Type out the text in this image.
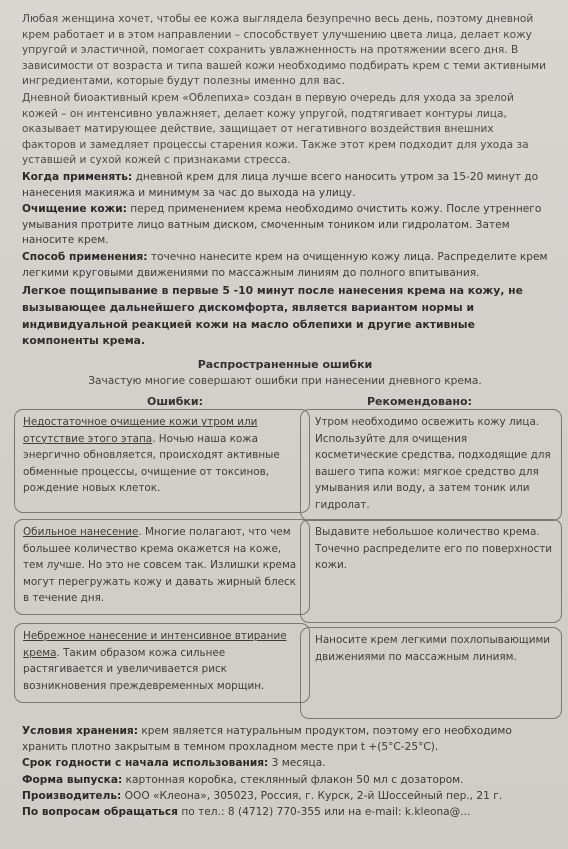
Любая женщина хочет, чтобы ее кожа выглядела безупречно весь день, поэтому дневной крем работает и в этом направлении – способствует улучшению цвета лица, делает кожу упругой и эластичной, помогает сохранить увлажненность на протяжении всего дня. В зависимости от возраста и типа вашей кожи необходимо подбирать крем с теми активными ингредиентами, которые будут полезны именно для вас.

Дневной биоактивный крем «Облепиха» создан в первую очередь для ухода за зрелой кожей – он интенсивно увлажняет, делает кожу упругой, подтягивает контуры лица, оказывает матирующее действие, защищает от негативного воздействия внешних факторов и замедляет процессы старения кожи. Также этот крем подходит для ухода за уставшей и сухой кожей с признаками стресса.

Когда применять: дневной крем для лица лучше всего наносить утром за 15-20 минут до нанесения макияжа и минимум за час до выхода на улицу.

Очищение кожи: перед применением крема необходимо очистить кожу. После утреннего умывания протрите лицо ватным диском, смоченным тоником или гидролатом. Затем наносите крем.

Способ применения: точечно нанесите крем на очищенную кожу лица. Распределите крем легкими круговыми движениями по массажным линиям до полного впитывания.

Легкое пощипывание в первые 5 -10 минут после нанесения крема на кожу, не вызывающее дальнейшего дискомфорта, является вариантом нормы и индивидуальной реакцией кожи на масло облепихи и другие активные компоненты крема.

Распространенные ошибки
Зачастую многие совершают ошибки при нанесении дневного крема.
Ошибки:	Рекомендовано:

Недостаточное очищение кожи утром или отсутствие этого этапа. Ночью наша кожа энергично обновляется, происходят активные обменные процессы, очищение от токсинов, рождение новых клеток.

Утром необходимо освежить кожу лица. Используйте для очищения косметические средства, подходящие для вашего типа кожи: мягкое средство для умывания или воду, а затем тоник или гидролат.

Обильное нанесение. Многие полагают, что чем большее количество крема окажется на коже, тем лучше. Но это не совсем так. Излишки крема могут перегружать кожу и давать жирный блеск в течение дня.

Выдавите небольшое количество крема. Точечно распределите его по поверхности кожи.

Небрежное нанесение и интенсивное втирание крема. Таким образом кожа сильнее растягивается и увеличивается риск возникновения преждевременных морщин.

Наносите крем легкими похлопывающими движениями по массажным линиям.

Условия хранения: крем является натуральным продуктом, поэтому его необходимо хранить плотно закрытым в темном прохладном месте при t +(5°C-25°C).

Срок годности с начала использования: 3 месяца.

Форма выпуска: картонная коробка, стеклянный флакон 50 мл с дозатором.

Производитель: ООО «Клеона», 305023, Россия, г. Курск, 2-й Шоссейный пер., 21 г.

По вопросам обращаться по тел.: 8 (4712) 770-355 или на e-mail: k.kleona@...
